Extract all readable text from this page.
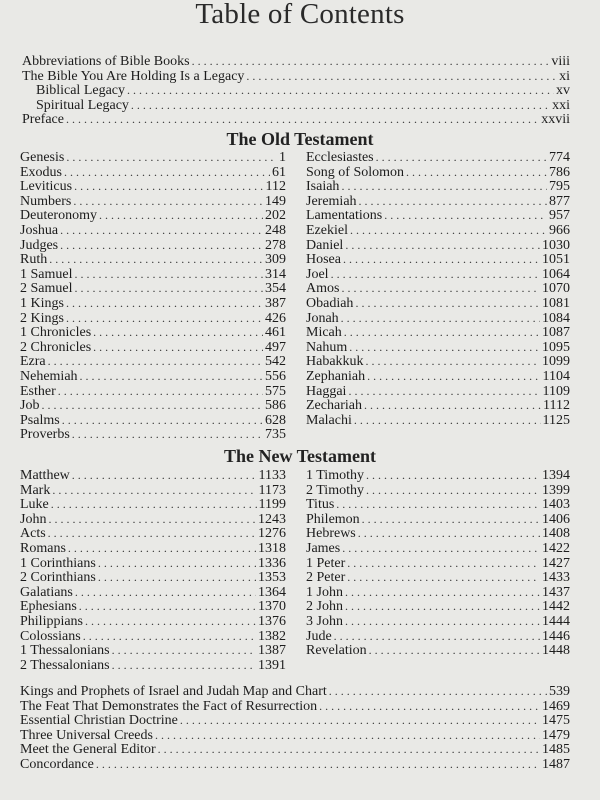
Table of Contents
Abbreviations of Bible Books . . .	viii
The Bible You Are Holding Is a Legacy . . .	xi
Biblical Legacy . . .	xv
Spiritual Legacy . . .	xxi
Preface . . .	xxvii
The Old Testament
Genesis . . .	1
Exodus . . .	61
Leviticus . . .	112
Numbers . . .	149
Deuteronomy . . .	202
Joshua . . .	248
Judges . . .	278
Ruth . . .	309
1 Samuel . . .	314
2 Samuel . . .	354
1 Kings . . .	387
2 Kings . . .	426
1 Chronicles . . .	461
2 Chronicles . . .	497
Ezra . . .	542
Nehemiah . . .	556
Esther . . .	575
Job . . .	586
Psalms . . .	628
Proverbs . . .	735
Ecclesiastes . . .	774
Song of Solomon . . .	786
Isaiah . . .	795
Jeremiah . . .	877
Lamentations . . .	957
Ezekiel . . .	966
Daniel . . .	1030
Hosea . . .	1051
Joel . . .	1064
Amos . . .	1070
Obadiah . . .	1081
Jonah . . .	1084
Micah . . .	1087
Nahum . . .	1095
Habakkuk . . .	1099
Zephaniah . . .	1104
Haggai . . .	1109
Zechariah . . .	1112
Malachi . . .	1125
The New Testament
Matthew . . .	1133
Mark . . .	1173
Luke . . .	1199
John . . .	1243
Acts . . .	1276
Romans . . .	1318
1 Corinthians . . .	1336
2 Corinthians . . .	1353
Galatians . . .	1364
Ephesians . . .	1370
Philippians . . .	1376
Colossians . . .	1382
1 Thessalonians . . .	1387
2 Thessalonians . . .	1391
1 Timothy . . .	1394
2 Timothy . . .	1399
Titus . . .	1403
Philemon . . .	1406
Hebrews . . .	1408
James . . .	1422
1 Peter . . .	1427
2 Peter . . .	1433
1 John . . .	1437
2 John . . .	1442
3 John . . .	1444
Jude . . .	1446
Revelation . . .	1448
Kings and Prophets of Israel and Judah Map and Chart . . .	539
The Feat That Demonstrates the Fact of Resurrection . . .	1469
Essential Christian Doctrine . . .	1475
Three Universal Creeds . . .	1479
Meet the General Editor . . .	1485
Concordance . . .	1487
